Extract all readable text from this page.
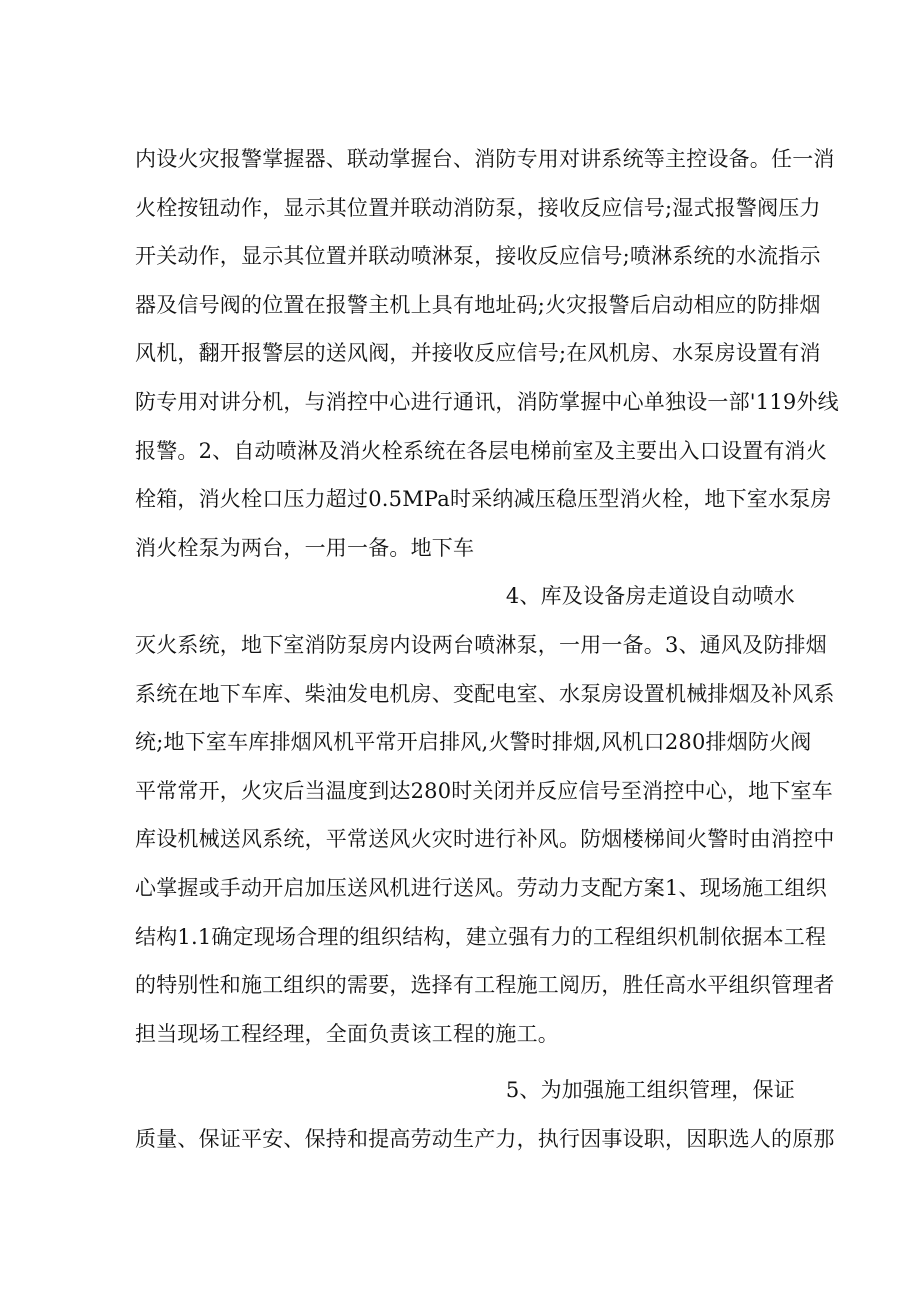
内设火灾报警掌握器、联动掌握台、消防专用对讲系统等主控设备。任一消
火栓按钮动作，显示其位置并联动消防泵，接收反应信号;湿式报警阀压力
开关动作，显示其位置并联动喷淋泵，接收反应信号;喷淋系统的水流指示
器及信号阀的位置在报警主机上具有地址码;火灾报警后启动相应的防排烟
风机，翻开报警层的送风阀，并接收反应信号;在风机房、水泵房设置有消
防专用对讲分机，与消控中心进行通讯，消防掌握中心单独设一部'119外线
报警。2、自动喷淋及消火栓系统在各层电梯前室及主要出入口设置有消火
栓箱，消火栓口压力超过0.5MPa时采纳减压稳压型消火栓，地下室水泵房
消火栓泵为两台，一用一备。地下车
4、库及设备房走道设自动喷水
灭火系统，地下室消防泵房内设两台喷淋泵，一用一备。3、通风及防排烟
系统在地下车库、柴油发电机房、变配电室、水泵房设置机械排烟及补风系
统;地下室车库排烟风机平常开启排风,火警时排烟,风机口280排烟防火阀
平常常开，火灾后当温度到达280时关闭并反应信号至消控中心，地下室车
库设机械送风系统，平常送风火灾时进行补风。防烟楼梯间火警时由消控中
心掌握或手动开启加压送风机进行送风。劳动力支配方案1、现场施工组织
结构1.1确定现场合理的组织结构，建立强有力的工程组织机制依据本工程
的特别性和施工组织的需要，选择有工程施工阅历，胜任高水平组织管理者
担当现场工程经理，全面负责该工程的施工。
5、为加强施工组织管理，保证
质量、保证平安、保持和提高劳动生产力，执行因事设职，因职选人的原那
